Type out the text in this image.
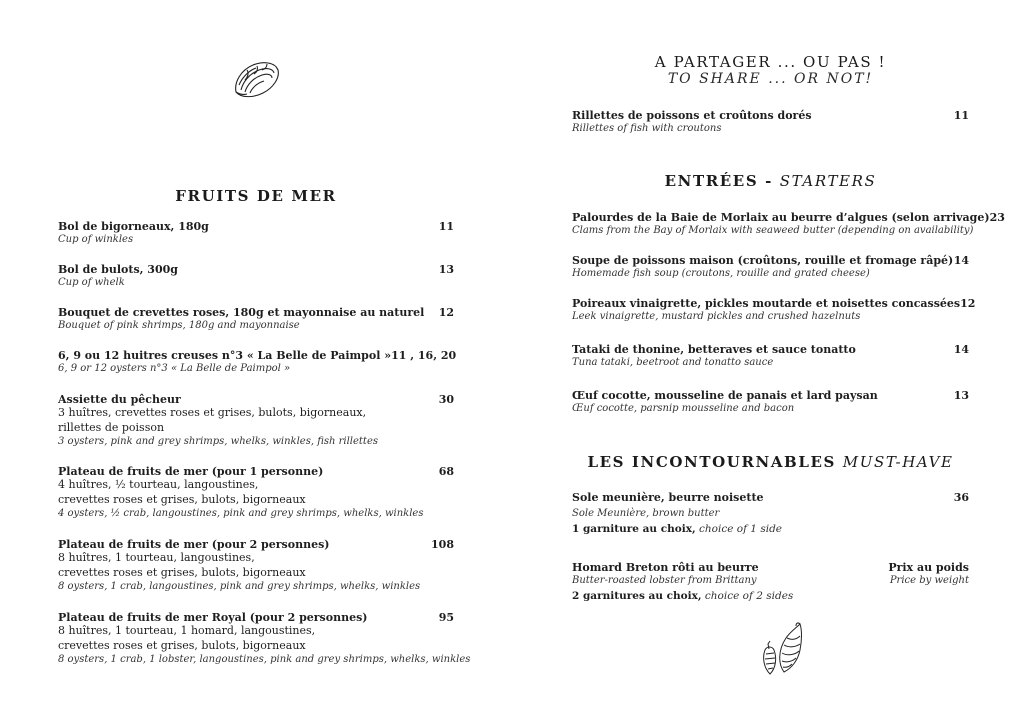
FRUITS DE MER
Bol de bigorneaux, 180g	11
Cup of winkles
Bol de bulots, 300g	13
Cup of whelk
Bouquet de crevettes roses, 180g et mayonnaise au naturel 12
Bouquet of pink shrimps, 180g and mayonnaise
6, 9 ou 12 huitres creuses n°3 « La Belle de Paimpol » 11 , 16, 20
6, 9 or 12 oysters n°3 « La Belle de Paimpol »
Assiette du pêcheur	30
3 huîtres, crevettes roses et grises, bulots, bigorneaux,
rillettes de poisson
3 oysters, pink and grey shrimps, whelks, winkles, fish rillettes
Plateau de fruits de mer (pour 1 personne)	68
4 huîtres, ½ tourteau, langoustines,
crevettes roses et grises, bulots, bigorneaux
4 oysters, ½ crab, langoustines, pink and grey shrimps, whelks, winkles
Plateau de fruits de mer (pour 2 personnes)	108
8 huîtres, 1 tourteau, langoustines,
crevettes roses et grises, bulots, bigorneaux
8 oysters, 1 crab, langoustines, pink and grey shrimps, whelks, winkles
Plateau de fruits de mer Royal (pour 2 personnes)	95
8 huîtres, 1 tourteau, 1 homard, langoustines,
crevettes roses et grises, bulots, bigorneaux
8 oysters, 1 crab, 1 lobster, langoustines, pink and grey shrimps, whelks, winkles
A PARTAGER ... OU PAS !
TO SHARE ... OR NOT!
Rillettes de poissons et croûtons dorés	11
Rillettes of fish with croutons
ENTRÉES - STARTERS
Palourdes de la Baie de Morlaix au beurre d’algues (selon arrivage) 23
Clams from the Bay of Morlaix with seaweed butter (depending on availability)
Soupe de poissons maison (croûtons, rouille et fromage râpé) 14
Homemade fish soup (croutons, rouille and grated cheese)
Poireaux vinaigrette, pickles moutarde et noisettes concassées 12
Leek vinaigrette, mustard pickles and crushed hazelnuts
Tataki de thonine, betteraves et sauce tonatto	14
Tuna tataki, beetroot and tonatto sauce
Œuf cocotte, mousseline de panais et lard paysan	13
Œuf cocotte, parsnip mousseline and bacon
LES INCONTOURNABLES MUST-HAVE
Sole meunière, beurre noisette	36
Sole Meunière, brown butter
1 garniture au choix, choice of 1 side
Homard Breton rôti au beurre	Prix au poids
Butter-roasted lobster from Brittany	Price by weight
2 garnitures au choix, choice of 2 sides
